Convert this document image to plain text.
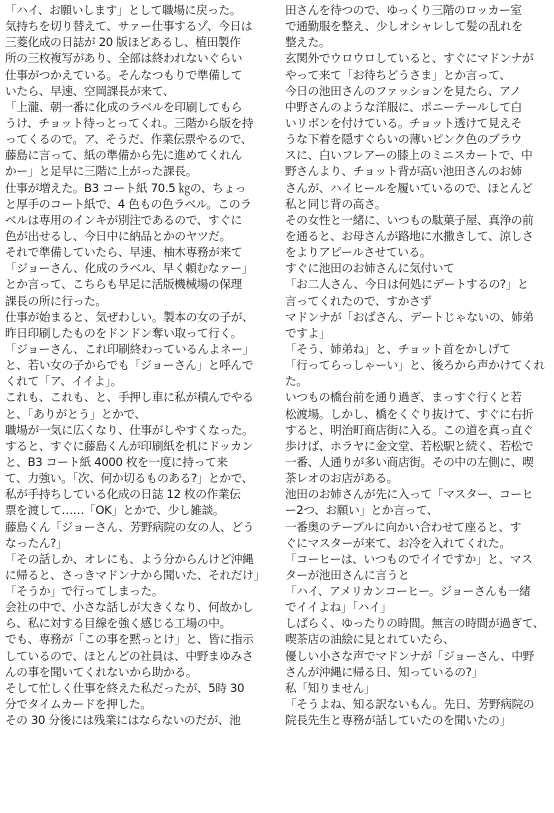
「ハイ、お願いします」として職場に戻った。
気持ちを切り替えて、サァー仕事するゾ、今日は
三菱化成の日誌が 20 版ほどあるし、植田製作
所の三枚複写があり、全部は終われないぐらい
仕事がつかえている。そんなつもりで準備して
いたら、早速、空岡課長が来て、
「上瀧、朝一番に化成のラベルを印刷してもら
うけ、チョット待っとってくれ。三階から版を持
ってくるので。ア、そうだ、作業伝票やるので、
藤島に言って、紙の準備から先に進めてくれん
かー」と足早に三階に上がった課長。
仕事が増えた。B3 コート紙 70.5 ㎏の、ちょっ
と厚手のコート紙で、4 色もの色ラベル。このラ
ベルは専用のインキが別注であるので、すぐに
色が出せるし、今日中に納品とかのヤツだ。
それで準備していたら、早速、柚木専務が来て
「ジョーさん、化成のラベル、早く頼むなァー」
とか言って、こちらも早足に活版機械場の保理
課長の所に行った。
仕事が始まると、気ぜわしい。製本の女の子が、
昨日印刷したものをドンドン奪い取って行く。
「ジョーさん、これ印刷終わっているんよネー」
と、若い女の子からでも「ジョーさん」と呼んで
くれて「ア、イイよ」。
これも、これも、と、手押し車に私が積んでやる
と、「ありがとう」とかで、
職場が一気に広くなり、仕事がしやすくなった。
すると、すぐに藤島くんが印刷紙を机にドッカン
と、B3 コート紙 4000 枚を一度に持って来
て、力強い。「次、何か切るものある?」とかで、
私が手持ちしている化成の日誌 12 枚の作業伝
票を渡して……「OK」とかで、少し雑談。
藤島くん「ジョーさん、芳野病院の女の人、どう
なったん?」
「その話しか、オレにも、よう分からんけど沖縄
に帰ると、さっきマドンナから聞いた、それだけ」
「そうか」で行ってしまった。
会社の中で、小さな話しが大きくなり、何故かし
ら、私に対する目線を強く感じる工場の中。
でも、専務が「この事を黙っとけ」と、皆に指示
しているので、ほとんどの社員は、中野まゆみさ
んの事を聞いてくれないから助かる。
そして忙しく仕事を終えた私だったが、5時 30
分でタイムカードを押した。
その 30 分後には残業にはならないのだが、池
田さんを待つので、ゆっくり三階のロッカー室
で通勤服を整え、少しオシャレして髪の乱れを
整えた。
玄関外でウロウロしていると、すぐにマドンナが
やって来て「お待ちどうさま」とか言って、
今日の池田さんのファッションを見たら、アノ
中野さんのような洋服に、ポニーテールして白
いリボンを付けている。チョット透けて見えそ
うな下着を隠すぐらいの薄いピンク色のブラウ
スに、白いフレアーの膝上のミニスカートで、中
野さんより、チョット背が高い池田さんのお姉
さんが、ハイヒールを履いているので、ほとんど
私と同じ背の高さ。
その女性と一緒に、いつもの駄菓子屋、真浄の前
を通ると、お母さんが路地に水撒きして、涼しさ
をよりアピールさせている。
すぐに池田のお姉さんに気付いて
「お二人さん、今日は何処にデートするの?」と
言ってくれたので、すかさず
マドンナが「おばさん、デートじゃないの、姉弟
ですよ」
「そう、姉弟ね」と、チョット首をかしげて
「行ってらっしゃーい」と、後ろから声かけてくれ
た。
いつもの橋台前を通り過ぎ、まっすぐ行くと若
松渡場。しかし、橋をくぐり抜けて、すぐに右折
すると、明治町商店街に入る。この道を真っ直ぐ
歩けば、ホラヤに金文堂、若松駅と続く、若松で
一番、人通りが多い商店街。その中の左側に、喫
茶レオのお店がある。
池田のお姉さんが先に入って「マスター、コーヒ
ー2つ、お願い」とか言って、
一番奥のテーブルに向かい合わせて座ると、す
ぐにマスターが来て、お冷を入れてくれた。
「コーヒーは、いつものでイイですか」と、マス
ターが池田さんに言うと
「ハイ、アメリカンコーヒー。ジョーさんも一緒
でイイよね」「ハイ」
しばらく、ゆったりの時間。無言の時間が過ぎて、
喫茶店の油絵に見とれていたら、
優しい小さな声でマドンナが「ジョーさん、中野
さんが沖縄に帰る日、知っているの?」
私「知りません」
「そうよね、知る訳ないもん。先日、芳野病院の
院長先生と専務が話していたのを聞いたの」
